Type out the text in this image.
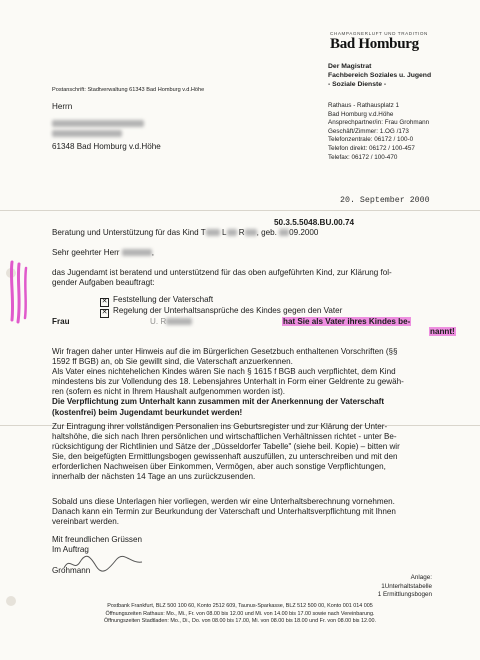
CHAMPAGNERLUFT UND TRADITION
Bad Homburg
Postanschrift: Stadtverwaltung 61343 Bad Homburg v.d.Höhe
Der Magistrat
Fachbereich Soziales u. Jugend
- Soziale Dienste -
Herrn
61348 Bad Homburg v.d.Höhe
Rathaus - Rathausplatz 1
Bad Homburg v.d.Höhe
Ansprechpartner/in: Frau Grohmann
Geschäft/Zimmer: 1.OG /173
Telefonzentrale: 06172 / 100-0
Telefon direkt: 06172 / 100-457
Telefax: 06172 / 100-470
20. September 2000
50.3.5.5048.BU.00.74
Beratung und Unterstützung für das Kind T L R , geb. 09.2000
Sehr geehrter Herr	,
das Jugendamt ist beratend und unterstützend für das oben aufgeführten Kind, zur Klärung fol-
gender Aufgaben beauftragt:
✕ Feststellung der Vaterschaft
✕ Regelung der Unterhaltsansprüche des Kindes gegen den Vater
Frau	U. R	hat Sie als Vater ihres Kindes be-
nannt!
Wir fragen daher unter Hinweis auf die im Bürgerlichen Gesetzbuch enthaltenen Vorschriften (§§
1592 ff BGB) an, ob Sie gewillt sind, die Vaterschaft anzuerkennen.
Als Vater eines nichtehelichen Kindes wären Sie nach § 1615 f BGB auch verpflichtet, dem Kind
mindestens bis zur Vollendung des 18. Lebensjahres Unterhalt in Form einer Geldrente zu gewäh-
ren (sofern es nicht in Ihrem Haushalt aufgenommen worden ist).
Die Verpflichtung zum Unterhalt kann zusammen mit der Anerkennung der Vaterschaft
(kostenfrei) beim Jugendamt beurkundet werden!
Zur Eintragung ihrer vollständigen Personalien ins Geburtsregister und zur Klärung der Unter-
haltshöhe, die sich nach Ihren persönlichen und wirtschaftlichen Verhältnissen richtet - unter Be-
rücksichtigung der Richtlinien und Sätze der „Düsseldorfer Tabelle" (siehe beil. Kopie) – bitten wir
Sie, den beigefügten Ermittlungsbogen gewissenhaft auszufüllen, zu unterschreiben und mit den
erforderlichen Nachweisen über Einkommen, Vermögen, aber auch sonstige Verpflichtungen,
innerhalb der nächsten 14 Tage an uns zurückzusenden.
Sobald uns diese Unterlagen hier vorliegen, werden wir eine Unterhaltsberechnung vornehmen.
Danach kann ein Termin zur Beurkundung der Vaterschaft und Unterhaltsverpflichtung mit Ihnen
vereinbart werden.
Mit freundlichen Grüssen
Im Auftrag
Grohmann
Anlage:
1Unterhaltstabelle
1 Ermittlungsbogen
Postbank Frankfurt, BLZ 500 100 60, Konto 2512 609, Taunus-Sparkasse, BLZ 512 500 00, Konto 001 014 005
Öffnungszeiten Rathaus: Mo., Mi., Fr. von 08.00 bis 12.00 und Mi. von 14.00 bis 17.00 sowie nach Vereinbarung.
Öffnungszeiten Stadtladen: Mo., Di., Do. von 08.00 bis 17.00, Mi. von 08.00 bis 18.00 und Fr. von 08.00 bis 12.00.
